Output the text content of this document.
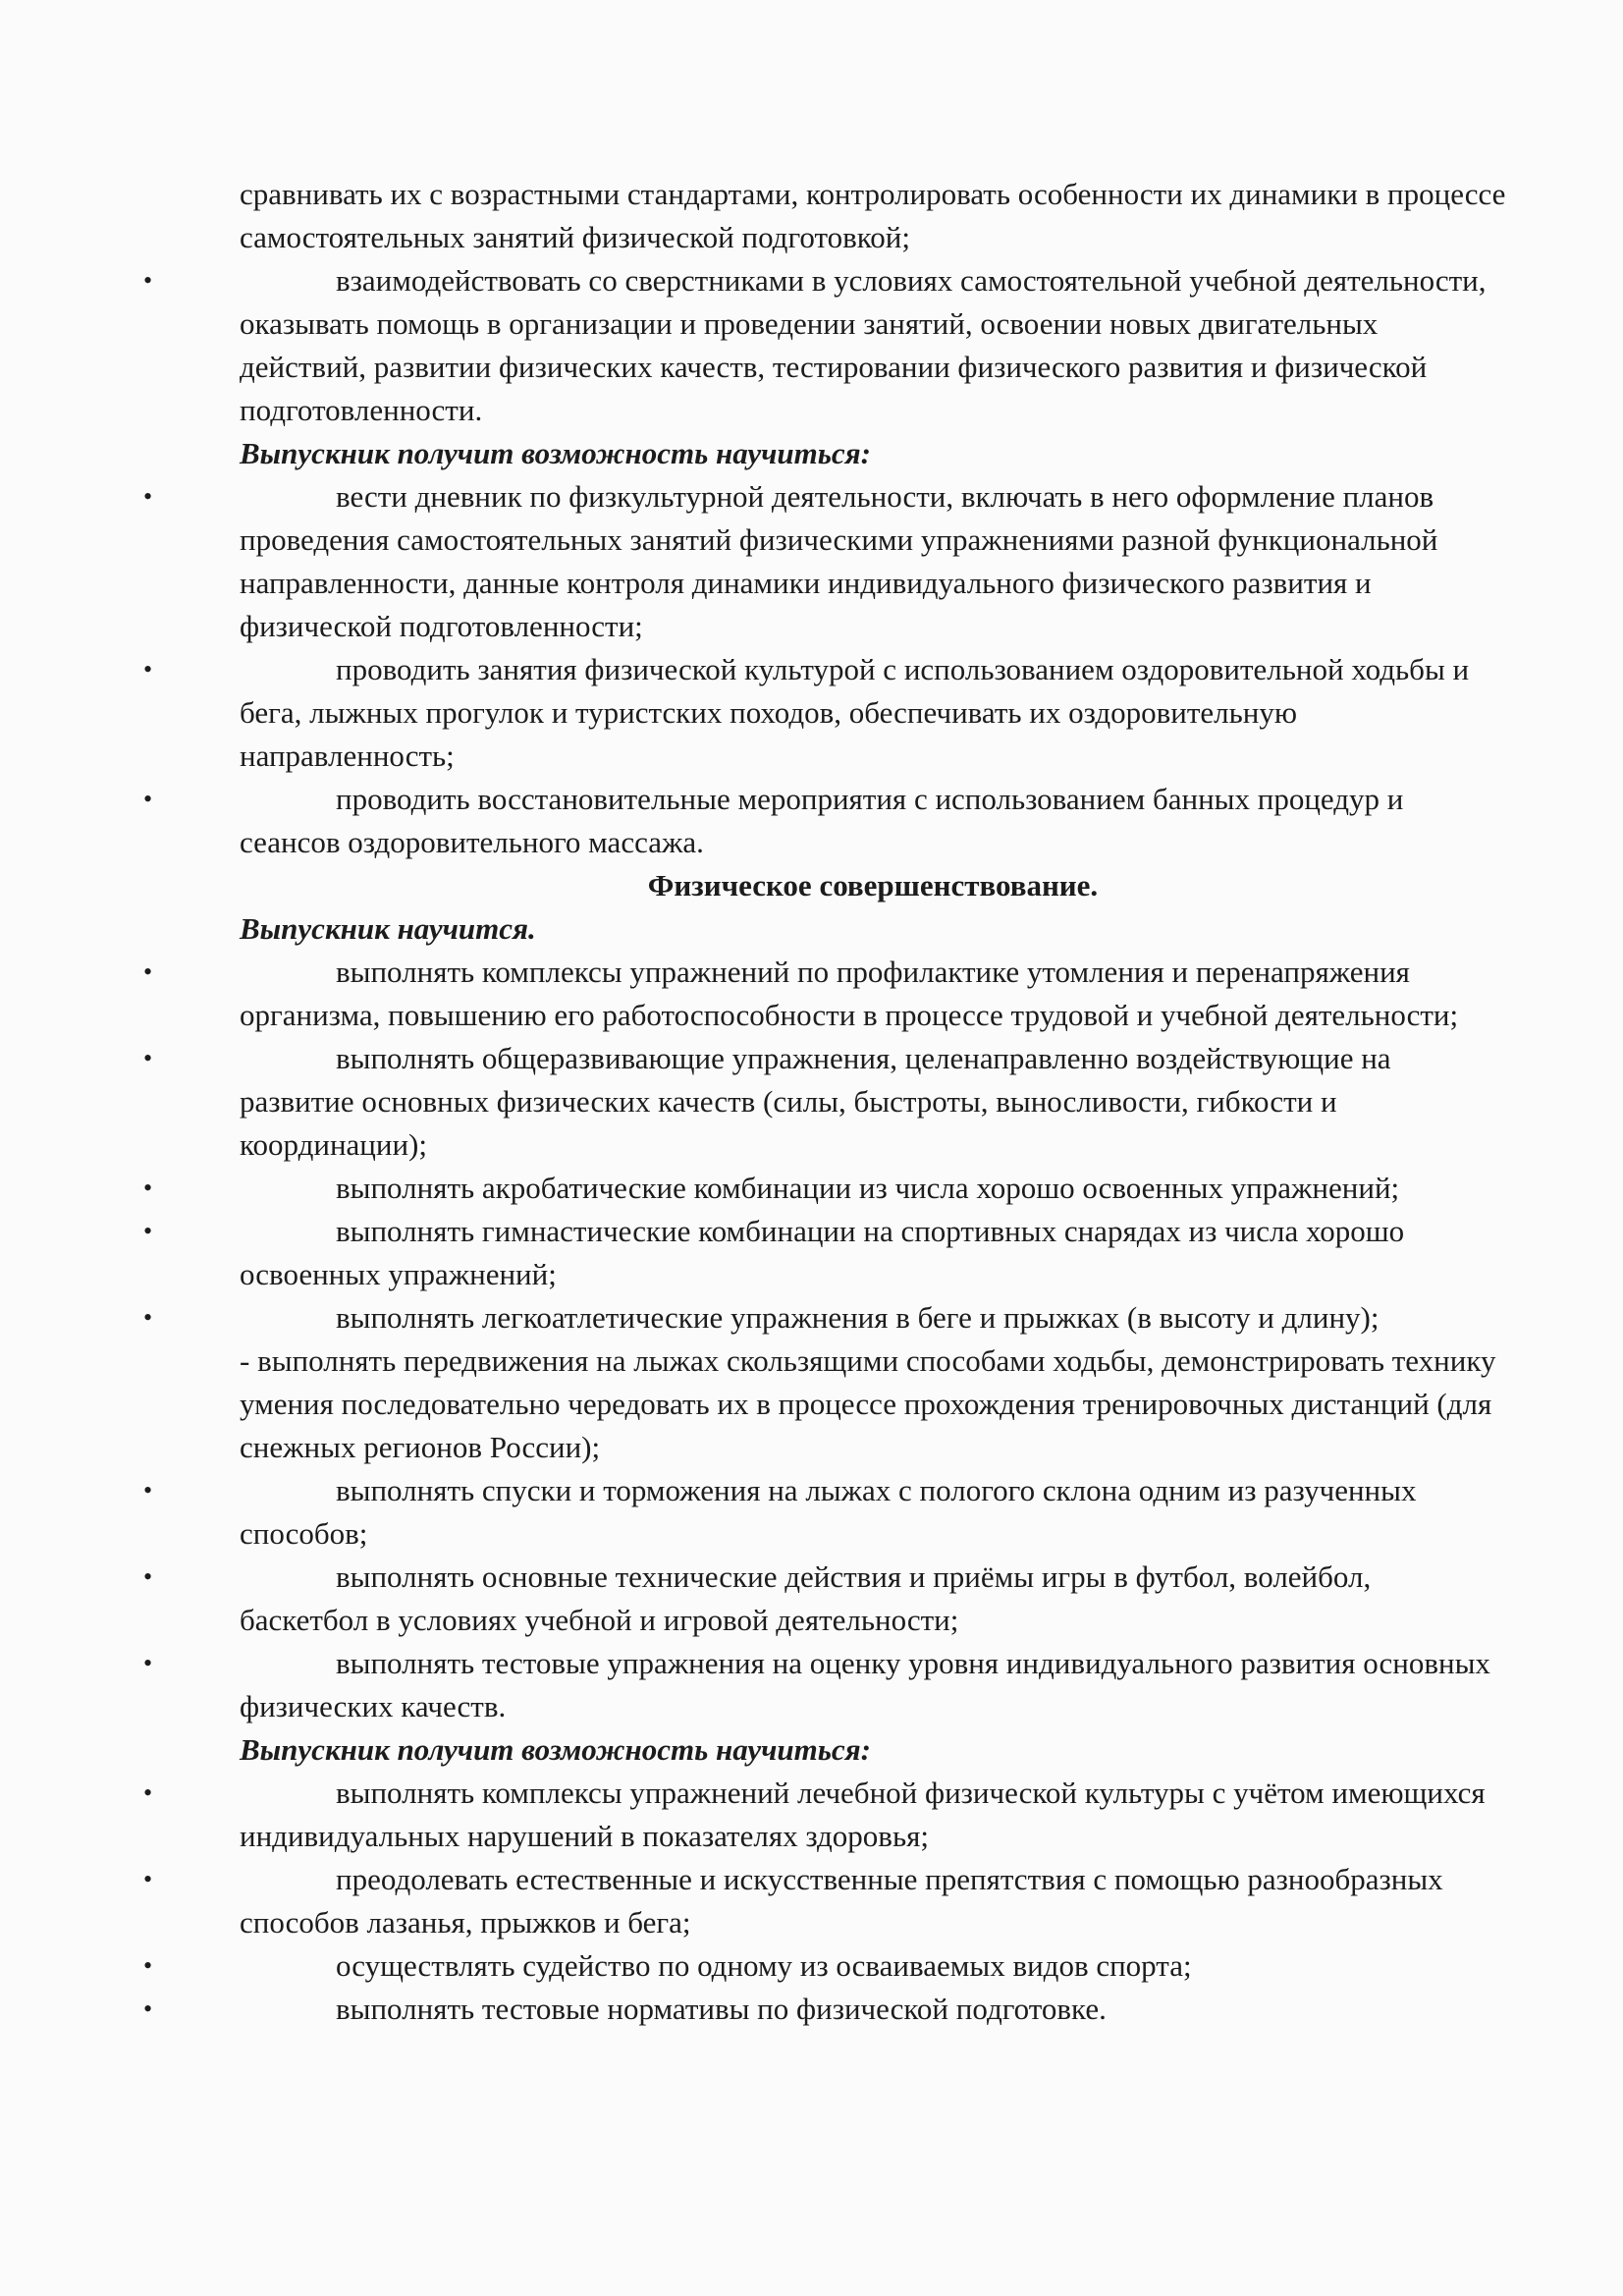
сравнивать их с возрастными стандартами, контролировать особенности их динамики в процессе самостоятельных занятий физической подготовкой;

•	взаимодействовать со сверстниками в условиях самостоятельной учебной деятельности, оказывать помощь в организации и проведении занятий, освоении новых двигательных действий, развитии физических качеств, тестировании физического развития и физической подготовленности.

Выпускник получит возможность научиться:

•	вести дневник по физкультурной деятельности, включать в него оформление планов проведения самостоятельных занятий физическими упражнениями разной функциональной направленности, данные контроля динамики индивидуального физического развития и физической подготовленности;

•	проводить занятия физической культурой с использованием оздоровительной ходьбы и бега, лыжных прогулок и туристских походов, обеспечивать их оздоровительную направленность;

•	проводить восстановительные мероприятия с использованием банных процедур и сеансов оздоровительного массажа.

Физическое совершенствование.

Выпускник научится.

•	выполнять комплексы упражнений по профилактике утомления и перенапряжения организма, повышению его работоспособности в процессе трудовой и учебной деятельности;

•	выполнять общеразвивающие упражнения, целенаправленно воздействующие на развитие основных физических качеств (силы, быстроты, выносливости, гибкости и координации);

•	выполнять акробатические комбинации из числа хорошо освоенных упражнений;

•	выполнять гимнастические комбинации на спортивных снарядах из числа хорошо освоенных упражнений;

•	выполнять легкоатлетические упражнения в беге и прыжках (в высоту и длину);

- выполнять передвижения на лыжах скользящими способами ходьбы, демонстрировать технику умения последовательно чередовать их в процессе прохождения тренировочных дистанций (для снежных регионов России);

•	выполнять спуски и торможения на лыжах с пологого склона одним из разученных способов;

•	выполнять основные технические действия и приёмы игры в футбол, волейбол, баскетбол в условиях учебной и игровой деятельности;

•	выполнять тестовые упражнения на оценку уровня индивидуального развития основных физических качеств.

Выпускник получит возможность научиться:

•	выполнять комплексы упражнений лечебной физической культуры с учётом имеющихся индивидуальных нарушений в показателях здоровья;

•	преодолевать естественные и искусственные препятствия с помощью разнообразных способов лазанья, прыжков и бега;

•	осуществлять судейство по одному из осваиваемых видов спорта;

•	выполнять тестовые нормативы по физической подготовке.
